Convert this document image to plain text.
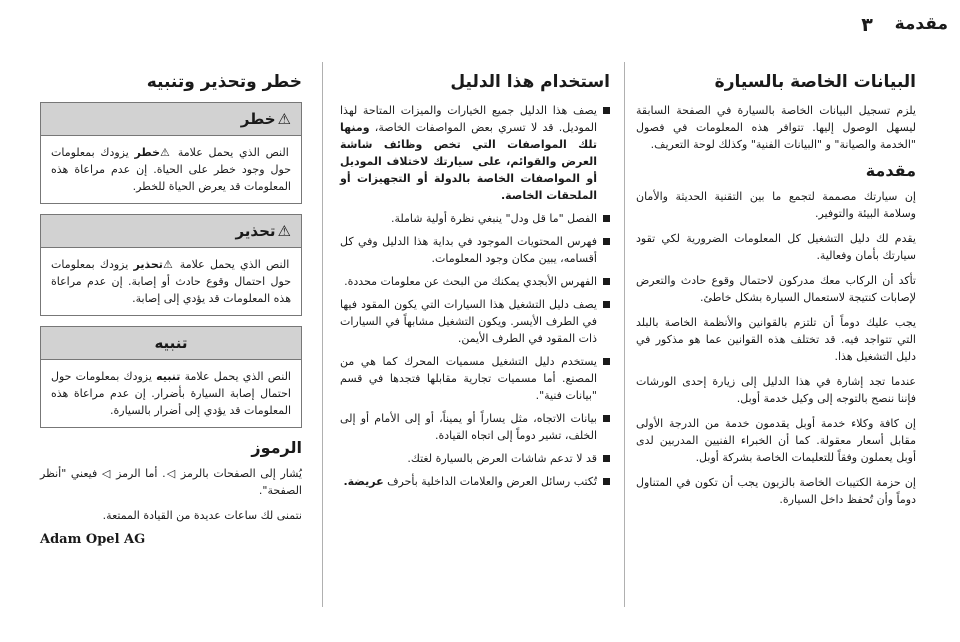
٣	مقدمة
البيانات الخاصة بالسيارة

يلزم تسجيل البيانات الخاصة بالسيارة في الصفحة السابقة ليسهل الوصول إليها. تتوافر هذه المعلومات في فصول "الخدمة والصيانة" و "البيانات الفنية" وكذلك لوحة التعريف.

مقدمة

إن سيارتك مصممة لتجمع ما بين التقنية الحديثة والأمان وسلامة البيئة والتوفير.

يقدم لك دليل التشغيل كل المعلومات الضرورية لكي تقود سيارتك بأمان وفعالية.

تأكد أن الركاب معك مدركون لاحتمال وقوع حادث والتعرض لإصابات كنتيجة لاستعمال السيارة بشكل خاطئ.

يجب عليك دوماً أن تلتزم بالقوانين والأنظمة الخاصة بالبلد التي تتواجد فيه. قد تختلف هذه القوانين عما هو مذكور في دليل التشغيل هذا.

عندما تجد إشارة في هذا الدليل إلى زيارة إحدى الورشات فإننا ننصح بالتوجه إلى وكيل خدمة أوبل.

إن كافة وكلاء خدمة أوبل يقدمون خدمة من الدرجة الأولى مقابل أسعار معقولة. كما أن الخبراء الفنيين المدربين لدى أوبل يعملون وفقاً للتعليمات الخاصة بشركة أوبل.

إن حزمة الكتيبات الخاصة بالزبون يجب أن تكون في المتناول دوماً وأن تُحفظ داخل السيارة.

استخدام هذا الدليل
يصف هذا الدليل جميع الخيارات والميزات المتاحة لهذا الموديل. قد لا تسري بعض المواصفات الخاصة، ومنها تلك المواصفات التي تخص وظائف شاشة العرض والقوائم، على سيارتك لاختلاف الموديل أو المواصفات الخاصة بالدولة أو التجهيزات أو الملحقات الخاصة.
الفصل "ما قل ودل" ينبغي نظرة أولية شاملة.
فهرس المحتويات الموجود في بداية هذا الدليل وفي كل أقسامه، يبين مكان وجود المعلومات.
الفهرس الأبجدي يمكنك من البحث عن معلومات محددة.
يصف دليل التشغيل هذا السيارات التي يكون المقود فيها في الطرف الأيسر. ويكون التشغيل مشابهاً في السيارات ذات المقود في الطرف الأيمن.
يستخدم دليل التشغيل مسميات المحرك كما هي من المصنع. أما مسميات تجارية مقابلها فتجدها في قسم "بيانات فنية".
بيانات الاتجاه، مثل يساراً أو يميناً، أو إلى الأمام أو إلى الخلف، تشير دوماً إلى اتجاه القيادة.
قد لا تدعم شاشات العرض بالسيارة لغتك.
تُكتب رسائل العرض والعلامات الداخلية بأحرف عريضة.
خطر وتحذير وتنبيه
⚠خطر
النص الذي يحمل علامة ⚠خطر يزودك بمعلومات حول وجود خطر على الحياة. إن عدم مراعاة هذه المعلومات قد يعرض الحياة للخطر.
⚠تحذير
النص الذي يحمل علامة ⚠تحذير يزودك بمعلومات حول احتمال وقوع حادث أو إصابة. إن عدم مراعاة هذه المعلومات قد يؤدي إلى إصابة.
تنبيه
النص الذي يحمل علامة تنبيه يزودك بمعلومات حول احتمال إصابة السيارة بأضرار. إن عدم مراعاة هذه المعلومات قد يؤدي إلى أضرار بالسيارة.
الرموز

يُشار إلى الصفحات بالرمز ◁. أما الرمز ◁ فيعني "أنظر الصفحة".

نتمنى لك ساعات عديدة من القيادة الممتعة.

Adam Opel AG
